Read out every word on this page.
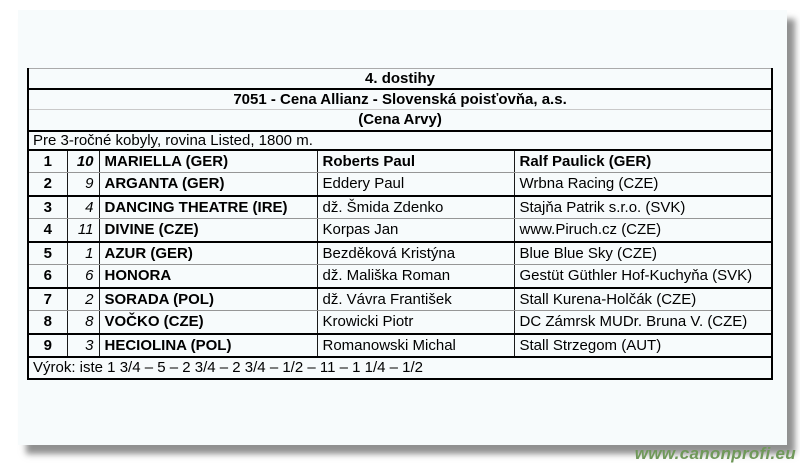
4. dostihy				
7051 - Cena Allianz - Slovenská poisťovňa, a.s.				
(Cena Arvy)				
Pre 3-ročné kobyly, rovina Listed, 1800 m.				
1	10	MARIELLA (GER)	Roberts Paul	Ralf Paulick (GER)
2	9	ARGANTA (GER)	Eddery Paul	Wrbna Racing (CZE)
3	4	DANCING THEATRE (IRE)	dž. Šmida Zdenko	Stajňa Patrik s.r.o. (SVK)
4	11	DIVINE (CZE)	Korpas Jan	www.Piruch.cz (CZE)
5	1	AZUR (GER)	Bezděková Kristýna	Blue Blue Sky (CZE)
6	6	HONORA	dž. Mališka Roman	Gestüt Güthler Hof-Kuchyňa (SVK)
7	2	SORADA (POL)	dž. Vávra František	Stall Kurena-Holčák (CZE)
8	8	VOČKO (CZE)	Krowicki Piotr	DC Zámrsk MUDr. Bruna V. (CZE)
9	3	HECIOLINA (POL)	Romanowski Michal	Stall Strzegom (AUT)
Výrok: iste 1 3/4 – 5 – 2 3/4 – 2 3/4 – 1/2 – 11 – 1 1/4 – 1/2				
www.canonprofi.eu
